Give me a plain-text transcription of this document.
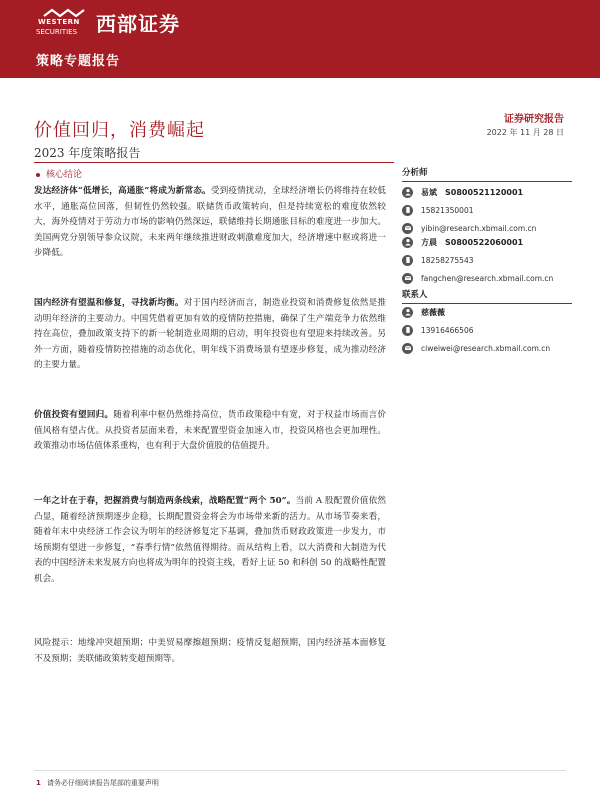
WESTERN
SECURITIES 西部证券
策略专题报告
价值回归，消费崛起
2023 年度策略报告
证券研究报告
2022 年 11 月 28 日
核心结论
发达经济体“低增长，高通胀”将成为新常态。受到疫情扰动，全球经济增长仍将维持在较低水平，通胀高位回落，但韧性仍然较强。联储货币政策转向，但是持续宽松的难度依然较大，海外疫情对于劳动力市场的影响仍然深远，联储维持长期通胀目标的难度进一步加大。美国两党分别领导参众议院，未来两年继续推进财政刺激难度加大，经济增速中枢或将进一步降低。
国内经济有望温和修复，寻找新均衡。对于国内经济而言，制造业投资和消费修复依然是推动明年经济的主要动力。中国凭借着更加有效的疫情防控措施，确保了生产端竞争力依然维持在高位，叠加政策支持下的新一轮制造业周期的启动，明年投资也有望迎来持续改善。另外一方面，随着疫情防控措施的动态优化，明年线下消费场景有望逐步修复，成为推动经济的主要力量。
价值投资有望回归。随着利率中枢仍然维持高位，货币政策稳中有宽，对于权益市场而言价值风格有望占优。从投资者层面来看，未来配置型资金加速入市，投资风格也会更加理性。政策推动市场估值体系重构，也有利于大盘价值股的估值提升。
一年之计在于春，把握消费与制造两条线索，战略配置“两个 50”。当前 A 股配置价值依然凸显，随着经济预期逐步企稳，长期配置资金将会为市场带来新的活力。从市场节奏来看，随着年末中央经济工作会议为明年的经济修复定下基调，叠加货币财政政策进一步发力，市场预期有望进一步修复，“春季行情”依然值得期待。而从结构上看，以大消费和大制造为代表的中国经济未来发展方向也将成为明年的投资主线，看好上证 50 和科创 50 的战略性配置机会。
风险提示：地缘冲突超预期；中美贸易摩擦超预期；疫情反复超预期，国内经济基本面修复不及预期；美联储政策转变超预期等。
分析师
易斌 S0800521120001
15821350001
yibin@research.xbmail.com.cn
方晨 S0800522060001
18258275543
fangchen@research.xbmail.com.cn
联系人
慈薇薇
13916466506
ciweiwei@research.xbmail.com.cn
1 请务必仔细阅读报告尾部的重要声明
